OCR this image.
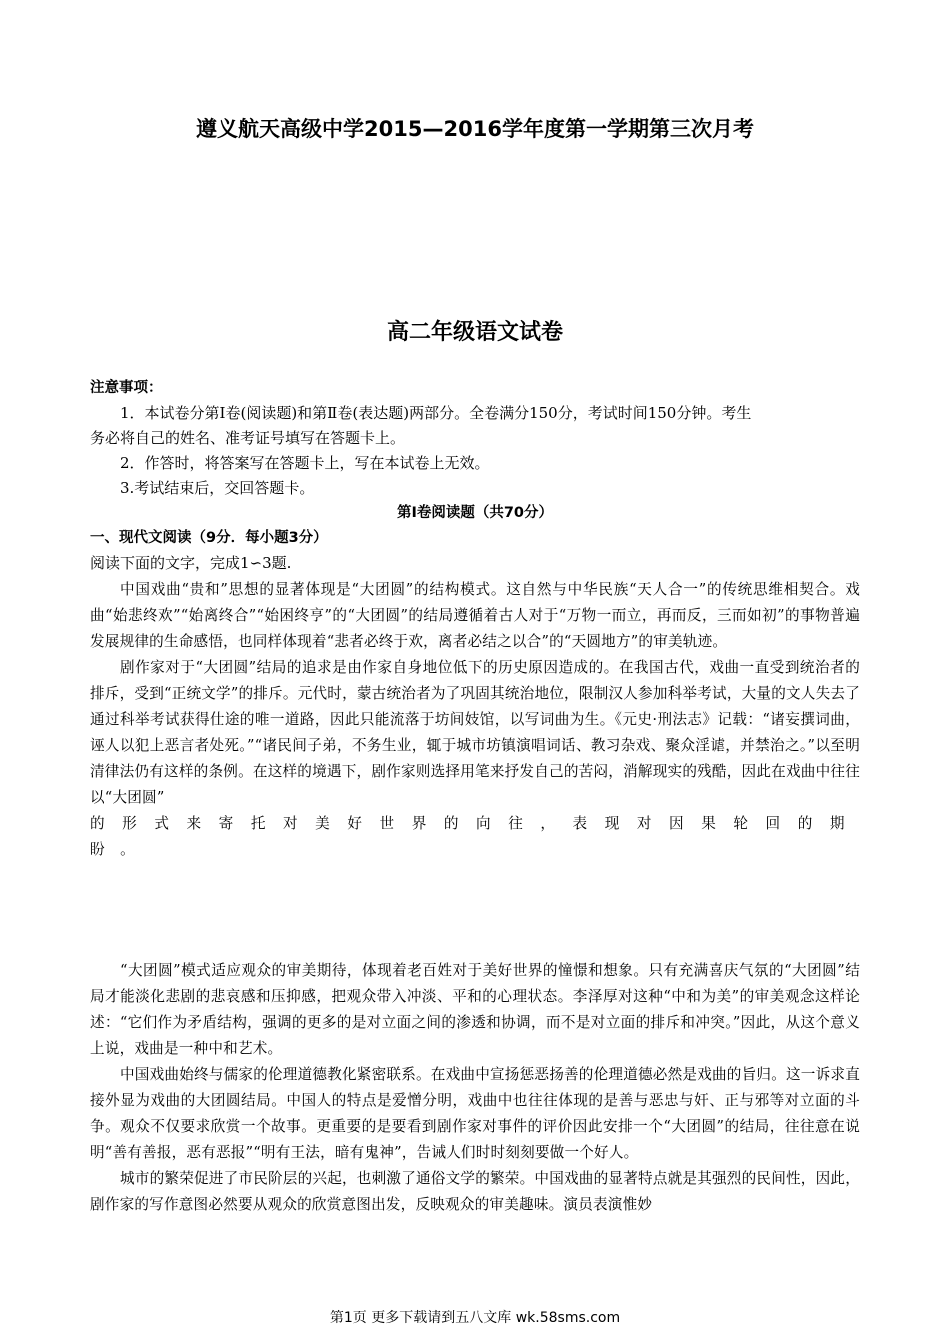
遵义航天高级中学2015—2016学年度第一学期第三次月考
高二年级语文试卷
注意事项：
1．本试卷分第Ⅰ卷(阅读题)和第Ⅱ卷(表达题)两部分。全卷满分150分，考试时间150分钟。考生
务必将自己的姓名、准考证号填写在答题卡上。
2．作答时，将答案写在答题卡上，写在本试卷上无效。
3.考试结束后，交回答题卡。
第Ⅰ卷阅读题（共70分）
一、现代文阅读（9分．每小题3分）
阅读下面的文字，完成1∽3题.

中国戏曲“贵和”思想的显著体现是“大团圆”的结构模式。这自然与中华民族“天人合一”的传统思维相契合。戏曲“始悲终欢”“始离终合”“始困终亨”的“大团圆”的结局遵循着古人对于“万物一而立，再而反，三而如初”的事物普遍发展规律的生命感悟，也同样体现着“悲者必终于欢，离者必结之以合”的“天圆地方”的审美轨迹。

剧作家对于“大团圆”结局的追求是由作家自身地位低下的历史原因造成的。在我国古代，戏曲一直受到统治者的排斥，受到“正统文学”的排斥。元代时，蒙古统治者为了巩固其统治地位，限制汉人参加科举考试，大量的文人失去了通过科举考试获得仕途的唯一道路，因此只能流落于坊间妓馆，以写词曲为生。《元史·刑法志》记载：“诸妄撰词曲，诬人以犯上恶言者处死。”“诸民间子弟，不务生业，辄于城市坊镇演唱词话、教习杂戏、聚众淫谑，并禁治之。”以至明清律法仍有这样的条例。在这样的境遇下，剧作家则选择用笔来抒发自己的苦闷，消解现实的残酷，因此在戏曲中往往以“大团圆”

的形式来寄托对美好世界的向往，表现对因果轮回的期盼。

“大团圆”模式适应观众的审美期待，体现着老百姓对于美好世界的憧憬和想象。只有充满喜庆气氛的“大团圆”结局才能淡化悲剧的悲哀感和压抑感，把观众带入冲淡、平和的心理状态。李泽厚对这种“中和为美”的审美观念这样论述：“它们作为矛盾结构，强调的更多的是对立面之间的渗透和协调，而不是对立面的排斥和冲突。”因此，从这个意义上说，戏曲是一种中和艺术。

中国戏曲始终与儒家的伦理道德教化紧密联系。在戏曲中宣扬惩恶扬善的伦理道德必然是戏曲的旨归。这一诉求直接外显为戏曲的大团圆结局。中国人的特点是爱憎分明，戏曲中也往往体现的是善与恶忠与奸、正与邪等对立面的斗争。观众不仅要求欣赏一个故事。更重要的是要看到剧作家对事件的评价因此安排一个“大团圆”的结局，往往意在说明“善有善报，恶有恶报”“明有王法，暗有鬼神”，告诫人们时时刻刻要做一个好人。

城市的繁荣促进了市民阶层的兴起，也刺激了通俗文学的繁荣。中国戏曲的显著特点就是其强烈的民间性，因此，剧作家的写作意图必然要从观众的欣赏意图出发，反映观众的审美趣味。演员表演惟妙

第1页 更多下载请到五八文库 wk.58sms.com
